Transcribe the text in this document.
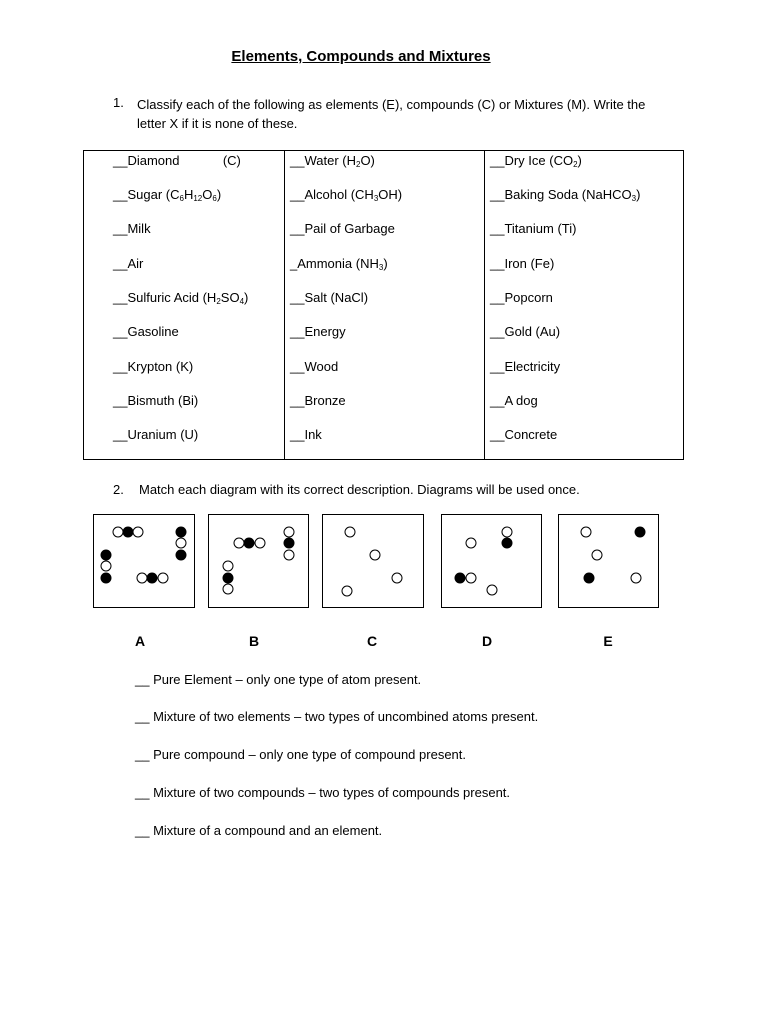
Elements, Compounds and Mixtures
1. Classify each of the following as elements (E), compounds (C) or Mixtures (M). Write the letter X if it is none of these.
__Diamond            (C)
__Sugar $(C_6H_{12}O_6)$
__Milk
__Air
__Sulfuric Acid $(H_2SO_4)$
__Gasoline
__Krypton (K)
__Bismuth (Bi)
__Uranium (U)
__Water $(H_2O)$
__Alcohol $(CH_3OH)$
__Pail of Garbage
_Ammonia $(NH_3)$
__Salt (NaCl)
__Energy
__Wood
__Bronze
__Ink
__Dry Ice $(CO_2)$
__Baking Soda (NaHCO$_3$)
__Titanium (Ti)
__Iron (Fe)
__Popcorn
__Gold (Au)
__Electricity
__A dog
__Concrete
2. Match each diagram with its correct description. Diagrams will be used once.
A	B	C	D	E
__ Pure Element – only one type of atom present.
__ Mixture of two elements – two types of uncombined atoms present.
__ Pure compound – only one type of compound present.
__ Mixture of two compounds – two types of compounds present.
__ Mixture of a compound and an element.
